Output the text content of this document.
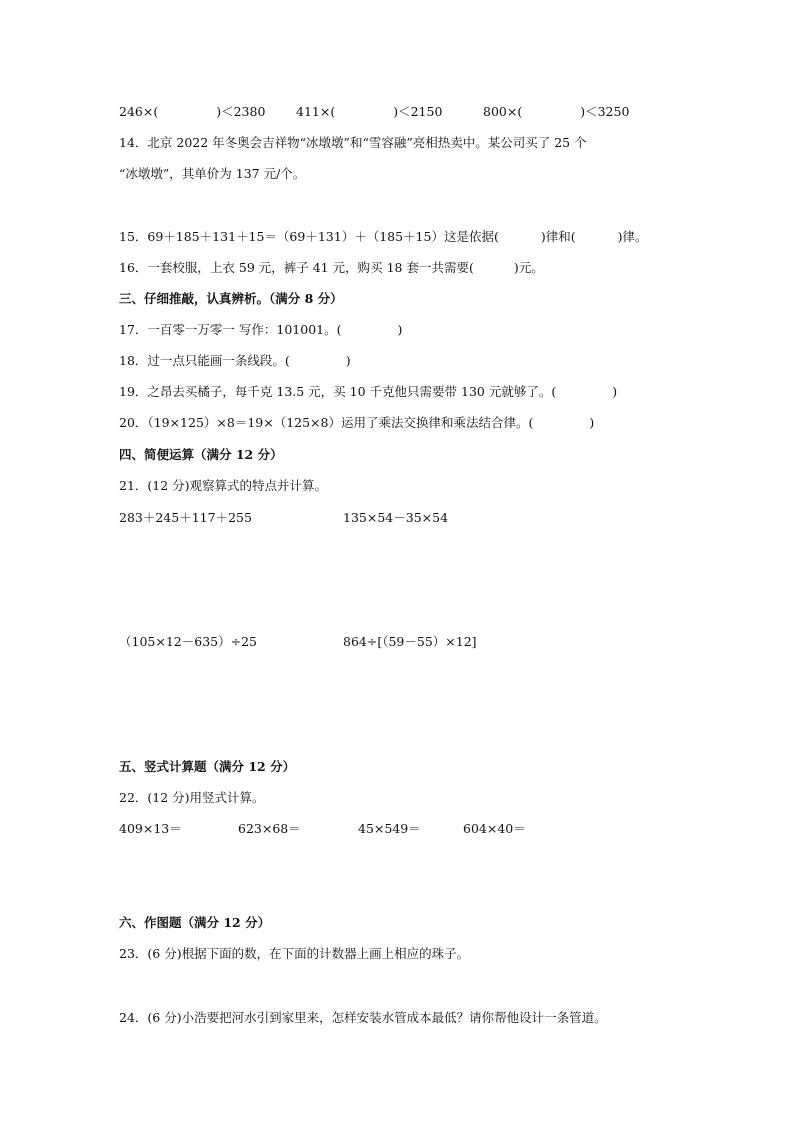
246×(	)＜2380 411×(	)＜2150	800×(	)＜3250
14．北京 2022 年冬奥会吉祥物“冰墩墩”和“雪容融”亮相热卖中。某公司买了 25 个
“冰墩墩”，其单价为 137 元/个。
15．69＋185＋131＋15＝（69＋131）＋（185＋15）这是依据(	)律和(	)律。
16．一套校服，上衣 59 元，裤子 41 元，购买 18 套一共需要(	)元。
三、仔细推敲，认真辨析。（满分 8 分）
17．一百零一万零一 写作：101001。(	)
18．过一点只能画一条线段。(	)
19．之昂去买橘子，每千克 13.5 元，买 10 千克他只需要带 130 元就够了。(	)
20．（19×125）×8＝19×（125×8）运用了乘法交换律和乘法结合律。(	)
四、简便运算（满分 12 分）
21．(12 分)观察算式的特点并计算。
283＋245＋117＋255	135×54－35×54
（105×12－635）÷25	864÷[（59－55）×12]
五、竖式计算题（满分 12 分）
22．(12 分)用竖式计算。
409×13＝	623×68＝	45×549＝	604×40＝
六、作图题（满分 12 分）
23．(6 分)根据下面的数，在下面的计数器上画上相应的珠子。
24．(6 分)小浩要把河水引到家里来，怎样安装水管成本最低？请你帮他设计一条管道。
